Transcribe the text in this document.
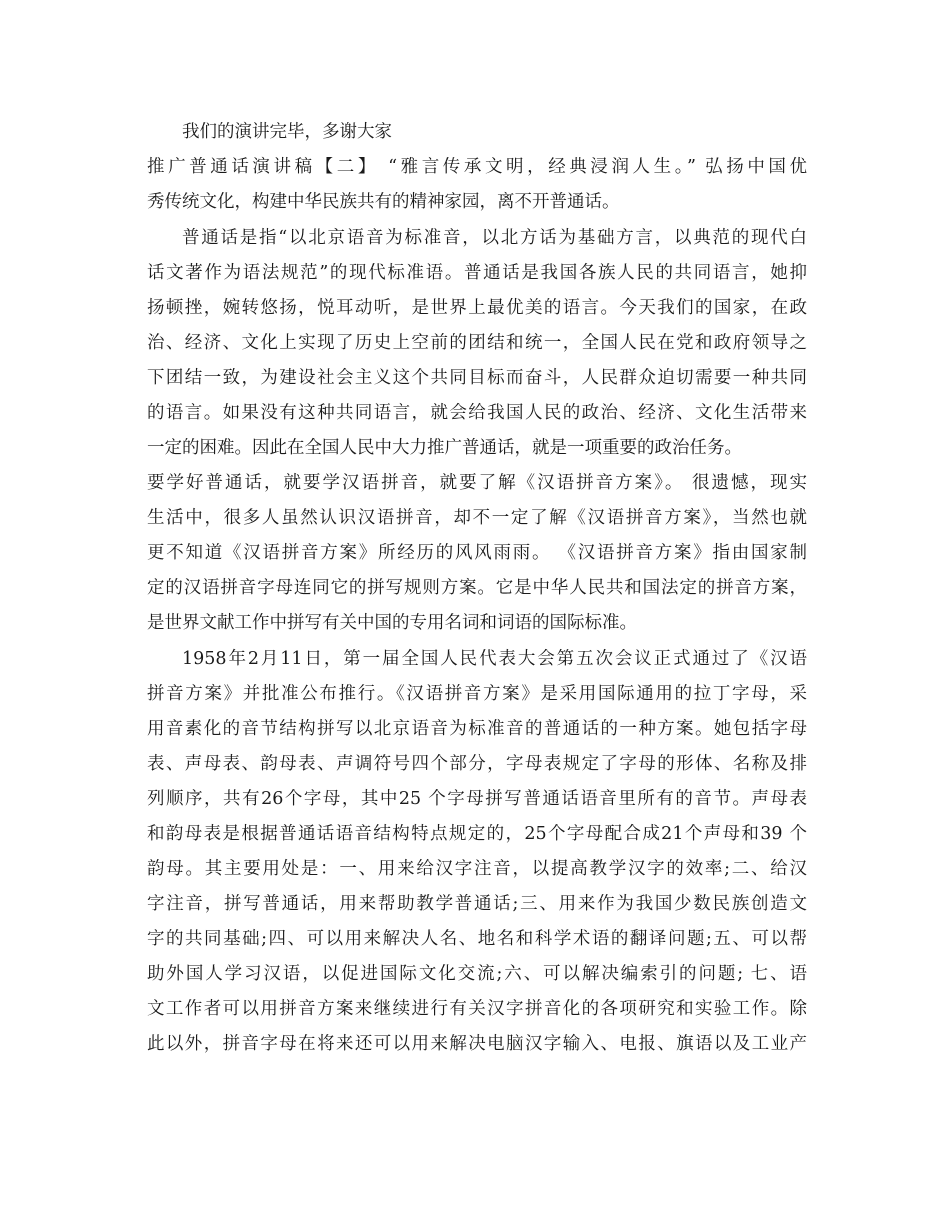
我们的演讲完毕，多谢大家
推广普通话演讲稿【二】 “雅言传承文明，经典浸润人生。” 弘扬中国优
秀传统文化，构建中华民族共有的精神家园，离不开普通话。
普通话是指“以北京语音为标准音，以北方话为基础方言，以典范的现代白
话文著作为语法规范”的现代标准语。普通话是我国各族人民的共同语言，她抑
扬顿挫，婉转悠扬，悦耳动听，是世界上最优美的语言。今天我们的国家，在政
治、经济、文化上实现了历史上空前的团结和统一，全国人民在党和政府领导之
下团结一致，为建设社会主义这个共同目标而奋斗，人民群众迫切需要一种共同
的语言。如果没有这种共同语言，就会给我国人民的政治、经济、文化生活带来
一定的困难。因此在全国人民中大力推广普通话，就是一项重要的政治任务。
要学好普通话，就要学汉语拼音，就要了解《汉语拼音方案》。 很遗憾，现实
生活中，很多人虽然认识汉语拼音，却不一定了解《汉语拼音方案》，当然也就
更不知道《汉语拼音方案》所经历的风风雨雨。 《汉语拼音方案》指由国家制
定的汉语拼音字母连同它的拼写规则方案。它是中华人民共和国法定的拼音方案，
是世界文献工作中拼写有关中国的专用名词和词语的国际标准。
1958年2月11日，第一届全国人民代表大会第五次会议正式通过了《汉语
拼音方案》并批准公布推行。《汉语拼音方案》是采用国际通用的拉丁字母，采
用音素化的音节结构拼写以北京语音为标准音的普通话的一种方案。她包括字母
表、声母表、韵母表、声调符号四个部分，字母表规定了字母的形体、名称及排
列顺序，共有26个字母，其中25 个字母拼写普通话语音里所有的音节。声母表
和韵母表是根据普通话语音结构特点规定的，25个字母配合成21个声母和39 个
韵母。其主要用处是：一、用来给汉字注音，以提高教学汉字的效率;二、给汉
字注音，拼写普通话，用来帮助教学普通话;三、用来作为我国少数民族创造文
字的共同基础;四、可以用来解决人名、地名和科学术语的翻译问题;五、可以帮
助外国人学习汉语，以促进国际文化交流;六、可以解决编索引的问题; 七、语
文工作者可以用拼音方案来继续进行有关汉字拼音化的各项研究和实验工作。除
此以外，拼音字母在将来还可以用来解决电脑汉字输入、电报、旗语以及工业产
